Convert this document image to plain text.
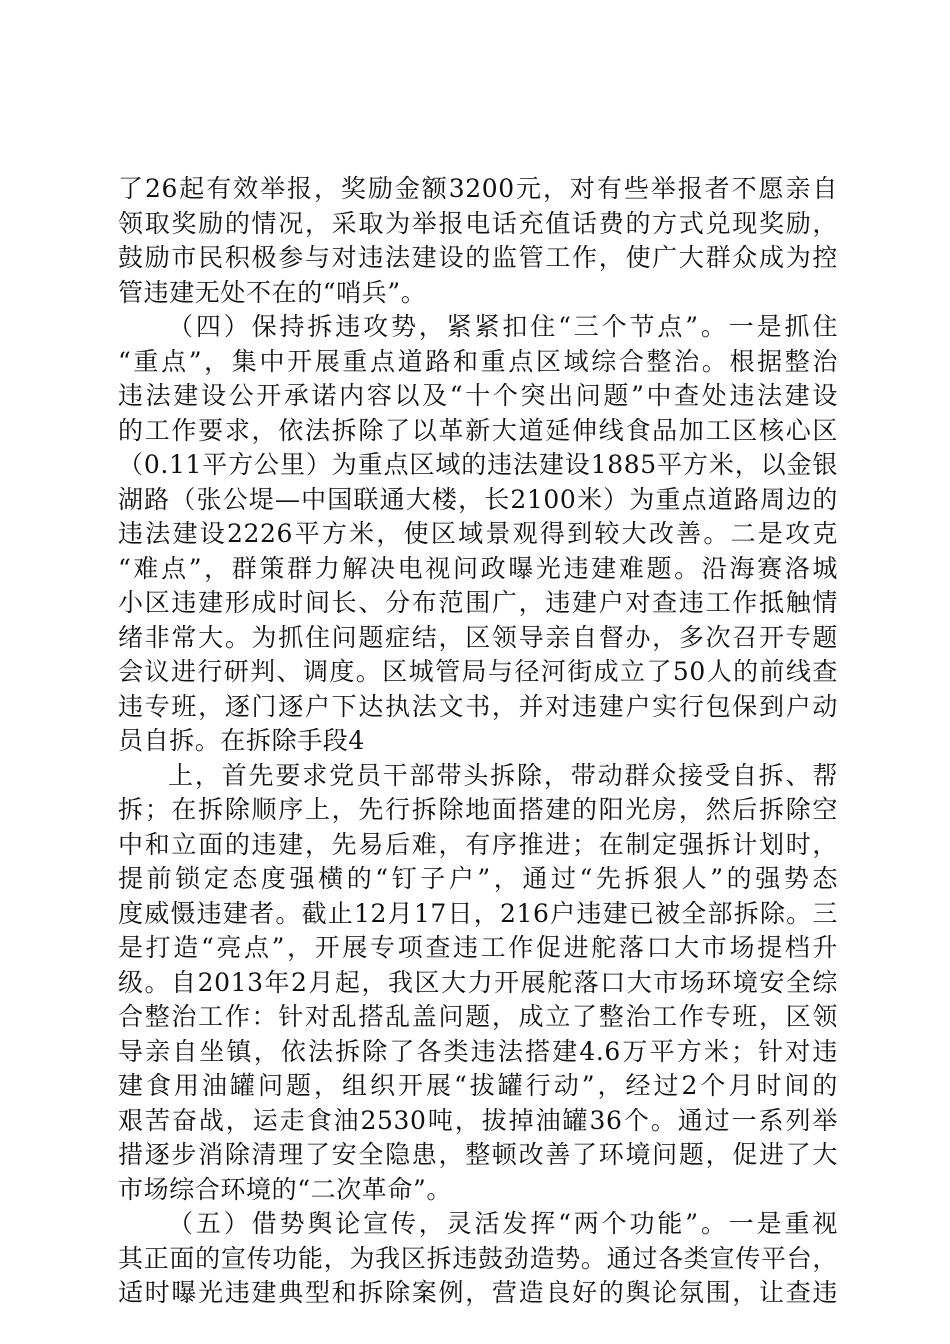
了26起有效举报，奖励金额3200元，对有些举报者不愿亲自
领取奖励的情况，采取为举报电话充值话费的方式兑现奖励，
鼓励市民积极参与对违法建设的监管工作，使广大群众成为控
管违建无处不在的“哨兵”。
（四）保持拆违攻势，紧紧扣住“三个节点”。一是抓住
“重点”，集中开展重点道路和重点区域综合整治。根据整治
违法建设公开承诺内容以及“十个突出问题”中查处违法建设
的工作要求，依法拆除了以革新大道延伸线食品加工区核心区
（0.11平方公里）为重点区域的违法建设1885平方米，以金银
湖路（张公堤—中国联通大楼，长2100米）为重点道路周边的
违法建设2226平方米，使区域景观得到较大改善。二是攻克
“难点”，群策群力解决电视问政曝光违建难题。沿海赛洛城
小区违建形成时间长、分布范围广，违建户对查违工作抵触情
绪非常大。为抓住问题症结，区领导亲自督办，多次召开专题
会议进行研判、调度。区城管局与径河街成立了50人的前线查
违专班，逐门逐户下达执法文书，并对违建户实行包保到户动
员自拆。在拆除手段4
上，首先要求党员干部带头拆除，带动群众接受自拆、帮
拆；在拆除顺序上，先行拆除地面搭建的阳光房，然后拆除空
中和立面的违建，先易后难，有序推进；在制定强拆计划时，
提前锁定态度强横的“钉子户”，通过“先拆狠人”的强势态
度威慑违建者。截止12月17日，216户违建已被全部拆除。三
是打造“亮点”，开展专项查违工作促进舵落口大市场提档升
级。自2013年2月起，我区大力开展舵落口大市场环境安全综
合整治工作：针对乱搭乱盖问题，成立了整治工作专班，区领
导亲自坐镇，依法拆除了各类违法搭建4.6万平方米；针对违
建食用油罐问题，组织开展“拔罐行动”，经过2个月时间的
艰苦奋战，运走食油2530吨，拔掉油罐36个。通过一系列举
措逐步消除清理了安全隐患，整顿改善了环境问题，促进了大
市场综合环境的“二次革命”。
（五）借势舆论宣传，灵活发挥“两个功能”。一是重视
其正面的宣传功能，为我区拆违鼓劲造势。通过各类宣传平台，
适时曝光违建典型和拆除案例，营造良好的舆论氛围，让查违
